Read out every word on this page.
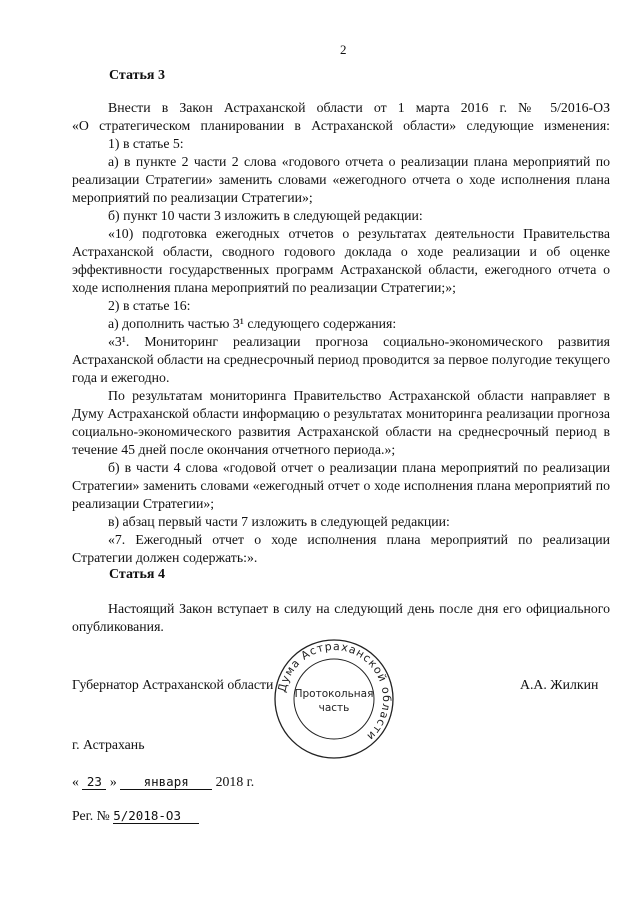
2
Статья 3

Внести в Закон Астраханской области от 1 марта 2016 г. № 5/2016-ОЗ

«О стратегическом планировании в Астраханской области» следующие изменения:

1) в статье 5:

а) в пункте 2 части 2 слова «годового отчета о реализации плана мероприятий по реализации Стратегии» заменить словами «ежегодного отчета о ходе исполнения плана мероприятий по реализации Стратегии»;

б) пункт 10 части 3 изложить в следующей редакции:

«10) подготовка ежегодных отчетов о результатах деятельности Правительства Астраханской области, сводного годового доклада о ходе реализации и об оценке эффективности государственных программ Астраханской области, ежегодного отчета о ходе исполнения плана мероприятий по реализации Стратегии;»;

2) в статье 16:

а) дополнить частью 3¹ следующего содержания:

«3¹. Мониторинг реализации прогноза социально-экономического развития Астраханской области на среднесрочный период проводится за первое полугодие текущего года и ежегодно.

По результатам мониторинга Правительство Астраханской области направляет в Думу Астраханской области информацию о результатах мониторинга реализации прогноза социально-экономического развития Астраханской области на среднесрочный период в течение 45 дней после окончания отчетного периода.»;

б) в части 4 слова «годовой отчет о реализации плана мероприятий по реализации Стратегии» заменить словами «ежегодный отчет о ходе исполнения плана мероприятий по реализации Стратегии»;

в) абзац первый части 7 изложить в следующей редакции:

«7. Ежегодный отчет о ходе исполнения плана мероприятий по реализации Стратегии должен содержать:».

Статья 4

Настоящий Закон вступает в силу на следующий день после дня его официального опубликования.

Дума Астраханской области
Протокольная
часть
Губернатор Астраханской области	А.А. Жилкин
г. Астрахань
« 23 » января 2018 г.
Рег. № 5/2018-ОЗ
